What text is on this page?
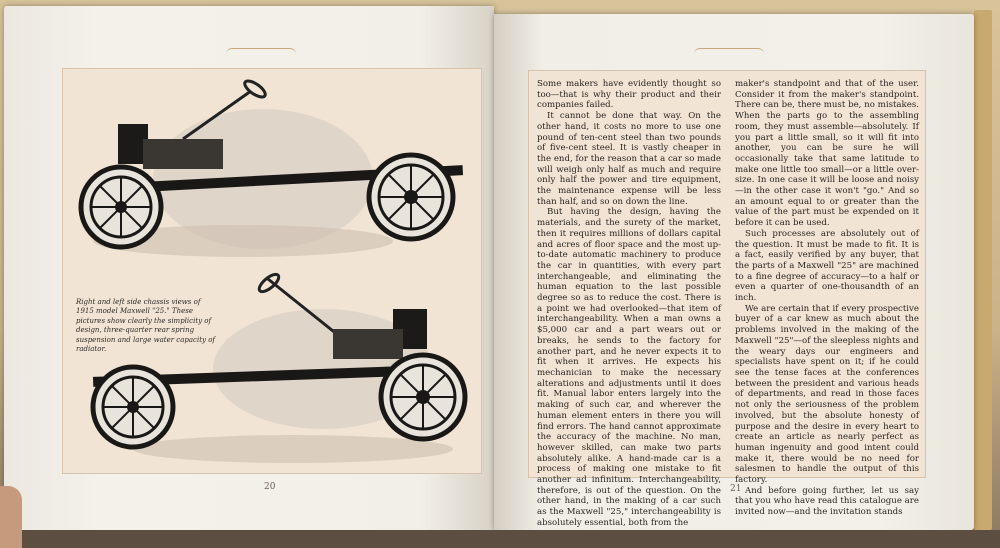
Right and left side chassis views of 1915 model Maxwell "25." These pictures show clearly the simplicity of design, three-quarter rear spring suspension and large water capacity of radiator.
20

Some makers have evidently thought so too—that is why their product and their companies failed.

It cannot be done that way. On the other hand, it costs no more to use one pound of ten-cent steel than two pounds of five-cent steel. It is vastly cheaper in the end, for the reason that a car so made will weigh only half as much and require only half the power and tire equipment, the maintenance expense will be less than half, and so on down the line.

But having the design, having the materials, and the surety of the market, then it requires millions of dollars capital and acres of floor space and the most up-to-date automatic machinery to produce the car in quantities, with every part interchangeable, and eliminating the human equation to the last possible degree so as to reduce the cost. There is a point we had overlooked—that item of interchangeability. When a man owns a $5,000 car and a part wears out or breaks, he sends to the factory for another part, and he never expects it to fit when it arrives. He expects his mechanician to make the necessary alterations and adjustments until it does fit. Manual labor enters largely into the making of such car, and wherever the human element enters in there you will find errors. The hand cannot approximate the accuracy of the machine. No man, however skilled, can make two parts absolutely alike. A hand-made car is a process of making one mistake to fit another ad infinitum. Interchangeability, therefore, is out of the question. On the other hand, in the making of a car such as the Maxwell "25," interchangeability is absolutely essential, both from the

maker's standpoint and that of the user. Consider it from the maker's standpoint. There can be, there must be, no mistakes. When the parts go to the assembling room, they must assemble—absolutely. If you part a little small, so it will fit into another, you can be sure he will occasionally take that same latitude to make one little too small—or a little over-size. In one case it will be loose and noisy—in the other case it won't "go." And so an amount equal to or greater than the value of the part must be expended on it before it can be used.

Such processes are absolutely out of the question. It must be made to fit. It is a fact, easily verified by any buyer, that the parts of a Maxwell "25" are machined to a fine degree of accuracy—to a half or even a quarter of one-thousandth of an inch.

We are certain that if every prospective buyer of a car knew as much about the problems involved in the making of the Maxwell "25"—of the sleepless nights and the weary days our engineers and specialists have spent on it; if he could see the tense faces at the conferences between the president and various heads of departments, and read in those faces not only the seriousness of the problem involved, but the absolute honesty of purpose and the desire in every heart to create an article as nearly perfect as human ingenuity and good intent could make it, there would be no need for salesmen to handle the output of this factory.

And before going further, let us say that you who have read this catalogue are invited now—and the invitation stands

21
